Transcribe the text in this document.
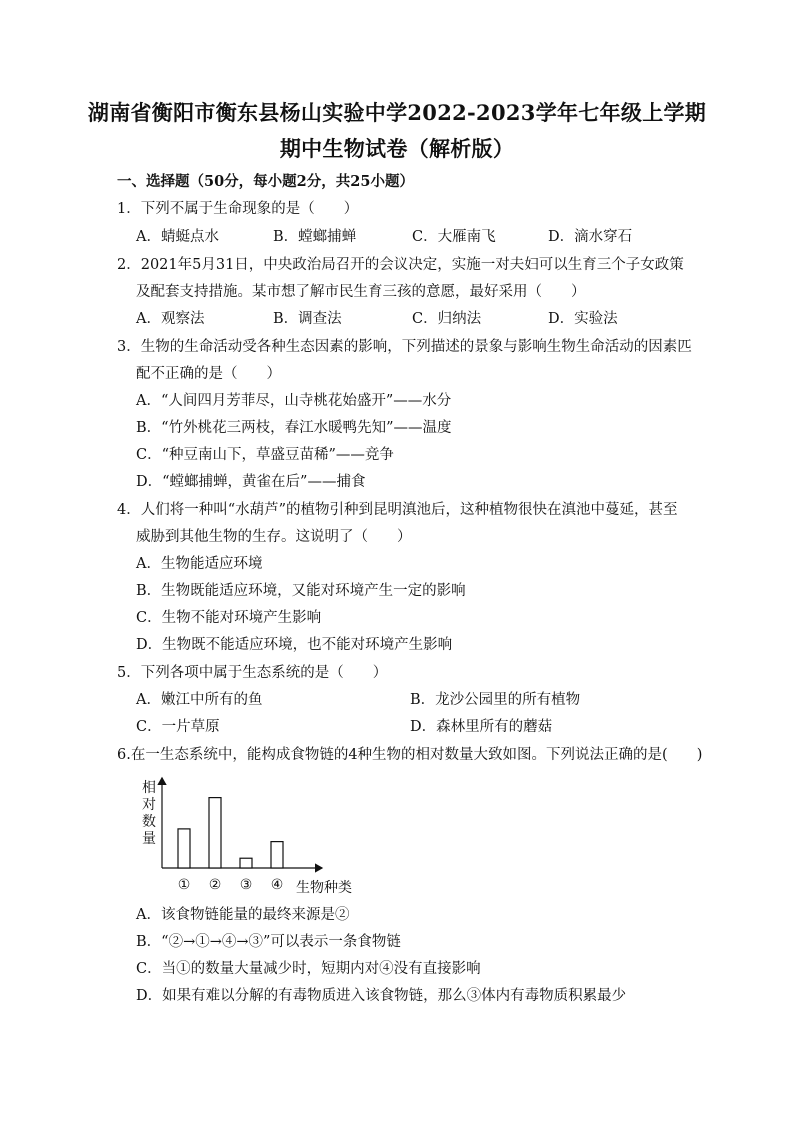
湖南省衡阳市衡东县杨山实验中学2022-2023学年七年级上学期
期中生物试卷（解析版）
一、选择题（50分，每小题2分，共25小题）
1．下列不属于生命现象的是（　　）
A．蜻蜓点水	B．螳螂捕蝉	C．大雁南飞	D．滴水穿石
2．2021年5月31日，中央政治局召开的会议决定，实施一对夫妇可以生育三个子女政策
及配套支持措施。某市想了解市民生育三孩的意愿，最好采用（　　）
A．观察法	B．调查法	C．归纳法	D．实验法
3．生物的生命活动受各种生态因素的影响，下列描述的景象与影响生物生命活动的因素匹
配不正确的是（　　）
A．“人间四月芳菲尽，山寺桃花始盛开”——水分
B．“竹外桃花三两枝，春江水暖鸭先知”——温度
C．“种豆南山下，草盛豆苗稀”——竞争
D．“螳螂捕蝉，黄雀在后”——捕食
4．人们将一种叫“水葫芦”的植物引种到昆明滇池后，这种植物很快在滇池中蔓延，甚至
威胁到其他生物的生存。这说明了（　　）
A．生物能适应环境
B．生物既能适应环境，又能对环境产生一定的影响
C．生物不能对环境产生影响
D．生物既不能适应环境，也不能对环境产生影响
5．下列各项中属于生态系统的是（　　）
A．嫩江中所有的鱼	B．龙沙公园里的所有植物
C．一片草原	D．森林里所有的蘑菇
6.在一生态系统中，能构成食物链的4种生物的相对数量大致如图。下列说法正确的是(　　)
相对数量
① ② ③ ④ 生物种类
A．该食物链能量的最终来源是②
B．“②→①→④→③”可以表示一条食物链
C．当①的数量大量减少时，短期内对④没有直接影响
D．如果有难以分解的有毒物质进入该食物链，那么③体内有毒物质积累最少
